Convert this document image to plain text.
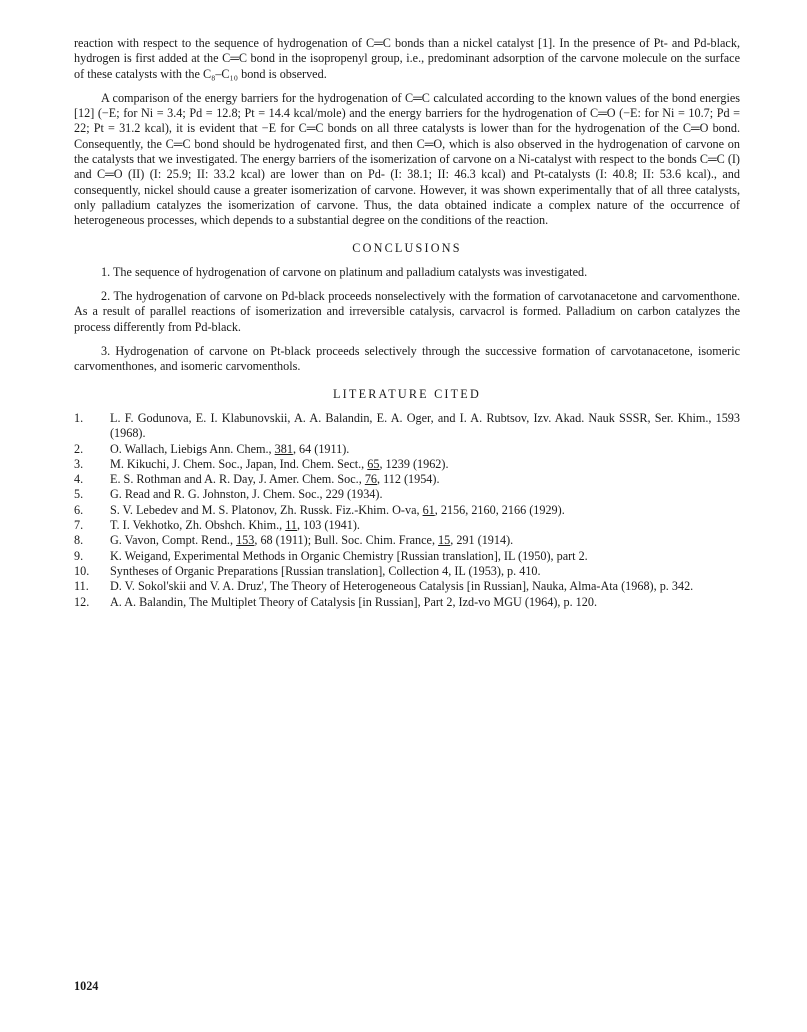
reaction with respect to the sequence of hydrogenation of C═C bonds than a nickel catalyst [1]. In the presence of Pt- and Pd-black, hydrogen is first added at the C═C bond in the isopropenyl group, i.e., predominant adsorption of the carvone molecule on the surface of these catalysts with the C₈–C₁₀ bond is observed.

A comparison of the energy barriers for the hydrogenation of C═C calculated according to the known values of the bond energies [12] (−E; for Ni = 3.4; Pd = 12.8; Pt = 14.4 kcal/mole) and the energy barriers for the hydrogenation of C═O (−E: for Ni = 10.7; Pd = 22; Pt = 31.2 kcal), it is evident that −E for C═C bonds on all three catalysts is lower than for the hydrogenation of the C═O bond. Consequently, the C═C bond should be hydrogenated first, and then C═O, which is also observed in the hydrogenation of carvone on the catalysts that we investigated. The energy barriers of the isomerization of carvone on a Ni-catalyst with respect to the bonds C═C (I) and C═O (II) (I: 25.9; II: 33.2 kcal) are lower than on Pd- (I: 38.1; II: 46.3 kcal) and Pt-catalysts (I: 40.8; II: 53.6 kcal)., and consequently, nickel should cause a greater isomerization of carvone. However, it was shown experimentally that of all three catalysts, only palladium catalyzes the isomerization of carvone. Thus, the data obtained indicate a complex nature of the occurrence of heterogeneous processes, which depends to a substantial degree on the conditions of the reaction.

CONCLUSIONS

1. The sequence of hydrogenation of carvone on platinum and palladium catalysts was investigated.

2. The hydrogenation of carvone on Pd-black proceeds nonselectively with the formation of carvotanacetone and carvomenthone. As a result of parallel reactions of isomerization and irreversible catalysis, carvacrol is formed. Palladium on carbon catalyzes the process differently from Pd-black.

3. Hydrogenation of carvone on Pt-black proceeds selectively through the successive formation of carvotanacetone, isomeric carvomenthones, and isomeric carvomenthols.

LITERATURE CITED
1.	L. F. Godunova, E. I. Klabunovskii, A. A. Balandin, E. A. Oger, and I. A. Rubtsov, Izv. Akad. Nauk SSSR, Ser. Khim., 1593 (1968).
2.	O. Wallach, Liebigs Ann. Chem., 381, 64 (1911).
3.	M. Kikuchi, J. Chem. Soc., Japan, Ind. Chem. Sect., 65, 1239 (1962).
4.	E. S. Rothman and A. R. Day, J. Amer. Chem. Soc., 76, 112 (1954).
5.	G. Read and R. G. Johnston, J. Chem. Soc., 229 (1934).
6.	S. V. Lebedev and M. S. Platonov, Zh. Russk. Fiz.-Khim. O-va, 61, 2156, 2160, 2166 (1929).
7.	T. I. Vekhotko, Zh. Obshch. Khim., 11, 103 (1941).
8.	G. Vavon, Compt. Rend., 153, 68 (1911); Bull. Soc. Chim. France, 15, 291 (1914).
9.	K. Weigand, Experimental Methods in Organic Chemistry [Russian translation], IL (1950), part 2.
10.	Syntheses of Organic Preparations [Russian translation], Collection 4, IL (1953), p. 410.
11.	D. V. Sokol'skii and V. A. Druz', The Theory of Heterogeneous Catalysis [in Russian], Nauka, Alma-Ata (1968), p. 342.
12.	A. A. Balandin, The Multiplet Theory of Catalysis [in Russian], Part 2, Izd-vo MGU (1964), p. 120.
1024
